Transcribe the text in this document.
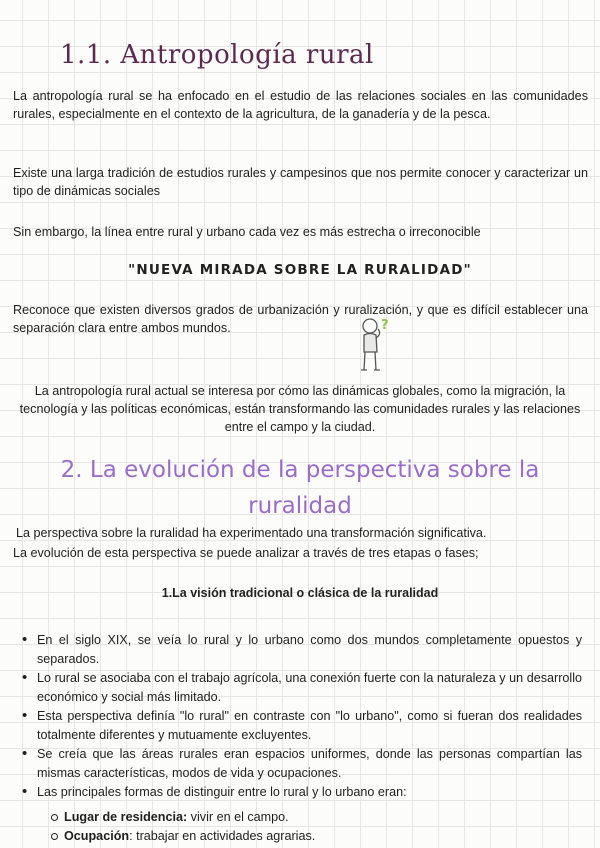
1.1. Antropología rural
La antropología rural se ha enfocado en el estudio de las relaciones sociales en las comunidades rurales, especialmente en el contexto de la agricultura, de la ganadería y de la pesca.
Existe una larga tradición de estudios rurales y campesinos que nos permite conocer y caracterizar un tipo de dinámicas sociales
Sin embargo, la línea entre rural y urbano cada vez es más estrecha o irreconocible
"NUEVA MIRADA SOBRE LA RURALIDAD"
Reconoce que existen diversos grados de urbanización y ruralización, y que es difícil establecer una separación clara entre ambos mundos.	?
La antropología rural actual se interesa por cómo las dinámicas globales, como la migración, la tecnología y las políticas económicas, están transformando las comunidades rurales y las relaciones entre el campo y la ciudad.
2. La evolución de la perspectiva sobre la ruralidad
La perspectiva sobre la ruralidad ha experimentado una transformación significativa.
La evolución de esta perspectiva se puede analizar a través de tres etapas o fases;
1.La visión tradicional o clásica de la ruralidad
• En el siglo XIX, se veía lo rural y lo urbano como dos mundos completamente opuestos y separados.
• Lo rural se asociaba con el trabajo agrícola, una conexión fuerte con la naturaleza y un desarrollo económico y social más limitado.
• Esta perspectiva definía "lo rural" en contraste con "lo urbano", como si fueran dos realidades totalmente diferentes y mutuamente excluyentes.
• Se creía que las áreas rurales eran espacios uniformes, donde las personas compartían las mismas características, modos de vida y ocupaciones.
• Las principales formas de distinguir entre lo rural y lo urbano eran:
Lugar de residencia: vivir en el campo.
Ocupación: trabajar en actividades agrarias.
